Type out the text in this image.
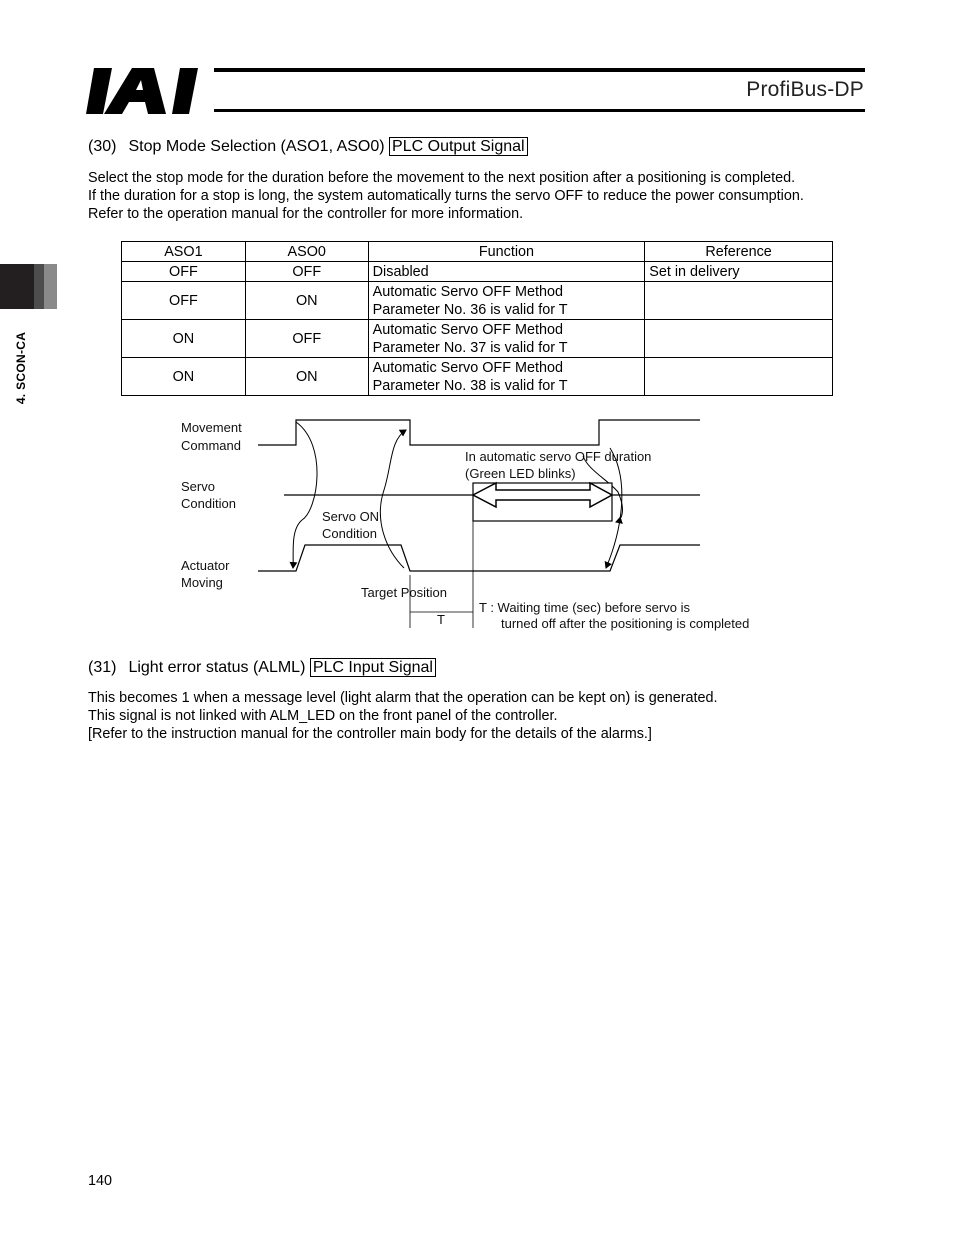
ProfiBus-DP
4. SCON-CA
(30) Stop Mode Selection (ASO1, ASO0) PLC Output Signal
Select the stop mode for the duration before the movement to the next position after a positioning is completed.
If the duration for a stop is long, the system automatically turns the servo OFF to reduce the power consumption.
Refer to the operation manual for the controller for more information.
ASO1	ASO0	Function	Reference
OFF	OFF	Disabled	Set in delivery
OFF	ON	Automatic Servo OFF Method
Parameter No. 36 is valid for T	

ON	OFF	Automatic Servo OFF Method
Parameter No. 37 is valid for T	

ON	ON	Automatic Servo OFF Method
Parameter No. 38 is valid for T	

Movement
Command
Servo
Condition
Actuator
Moving
Servo ON
Condition
In automatic servo OFF duration
(Green LED blinks)
Target Position
T
T : Waiting time (sec) before servo is
turned off after the positioning is completed
(31) Light error status (ALML) PLC Input Signal
This becomes 1 when a message level (light alarm that the operation can be kept on) is generated.
This signal is not linked with ALM_LED on the front panel of the controller.
[Refer to the instruction manual for the controller main body for the details of the alarms.]
140
